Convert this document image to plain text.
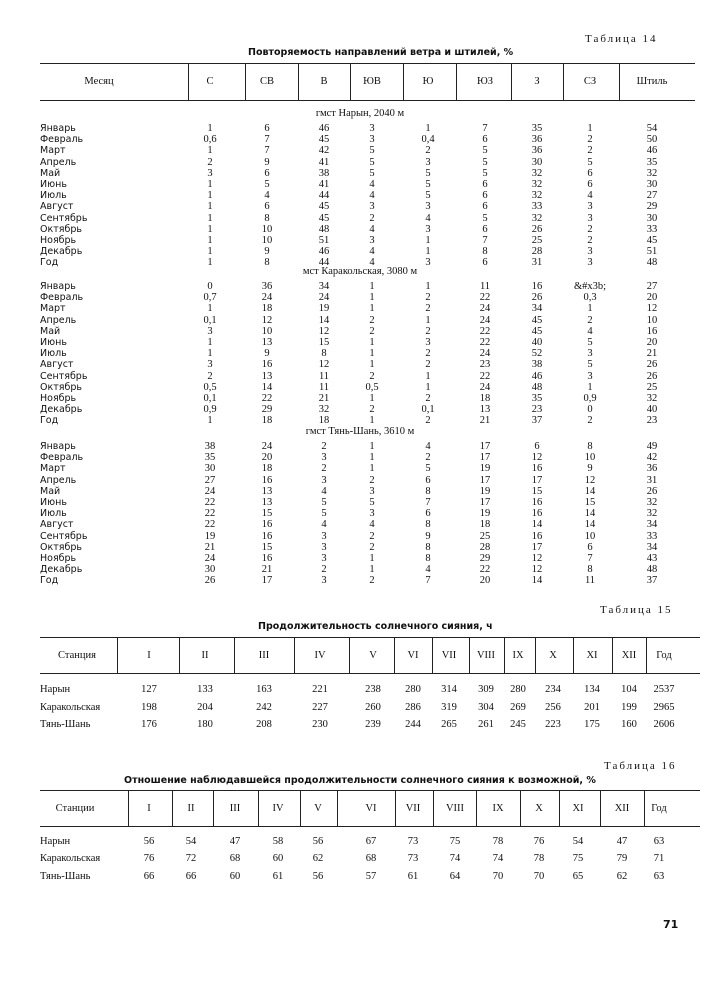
Таблица 14
Повторяемость направлений ветра и штилей, %
Месяц	С	СВ	В	ЮВ	Ю	ЮЗ	З	СЗ	Штиль
гмст Нарын, 2040 м
Январь	1	6	46	3	1	7	35	1	54
Февраль	0,6	7	45	3	0,4	6	36	2	50
Март	1	7	42	5	2	5	36	2	46
Апрель	2	9	41	5	3	5	30	5	35
Май	3	6	38	5	5	5	32	6	32
Июнь	1	5	41	4	5	6	32	6	30
Июль	1	4	44	4	5	6	32	4	27
Август	1	6	45	3	3	6	33	3	29
Сентябрь	1	8	45	2	4	5	32	3	30
Октябрь	1	10	48	4	3	6	26	2	33
Ноябрь	1	10	51	3	1	7	25	2	45
Декабрь	1	9	46	4	1	8	28	3	51
Год	1	8	44	4	3	6	31	3	48
мст Каракольская, 3080 м
Январь	0	36	34	1	1	11	16	&#x3b;	27
Февраль	0,7	24	24	1	2	22	26	0,3	20
Март	1	18	19	1	2	24	34	1	12
Апрель	0,1	12	14	2	1	24	45	2	10
Май	3	10	12	2	2	22	45	4	16
Июнь	1	13	15	1	3	22	40	5	20
Июль	1	9	8	1	2	24	52	3	21
Август	3	16	12	1	2	23	38	5	26
Сентябрь	2	13	11	2	1	22	46	3	26
Октябрь	0,5	14	11	0,5	1	24	48	1	25
Ноябрь	0,1	22	21	1	2	18	35	0,9	32
Декабрь	0,9	29	32	2	0,1	13	23	0	40
Год	1	18	18	1	2	21	37	2	23
гмст Тянь-Шань, 3610 м
Январь	38	24	2	1	4	17	6	8	49
Февраль	35	20	3	1	2	17	12	10	42
Март	30	18	2	1	5	19	16	9	36
Апрель	27	16	3	2	6	17	17	12	31
Май	24	13	4	3	8	19	15	14	26
Июнь	22	13	5	5	7	17	16	15	32
Июль	22	15	5	3	6	19	16	14	32
Август	22	16	4	4	8	18	14	14	34
Сентябрь	19	16	3	2	9	25	16	10	33
Октябрь	21	15	3	2	8	28	17	6	34
Ноябрь	24	16	3	1	8	29	12	7	43
Декабрь	30	21	2	1	4	22	12	8	48
Год	26	17	3	2	7	20	14	11	37
Таблица 15
Продолжительность солнечного сияния, ч
Станция	I	II	III	IV	V	VI	VII	VIII	IX	X	XI	XII	Год
Нарын	127	133	163	221	238	280	314	309	280	234	134	104	2537
Каракольская	198	204	242	227	260	286	319	304	269	256	201	199	2965
Тянь-Шань	176	180	208	230	239	244	265	261	245	223	175	160	2606
Таблица 16
Отношение наблюдавшейся продолжительности солнечного сияния к возможной, %
Станции	I	II	III	IV	V	VI	VII	VIII	IX	X	XI	XII	Год
Нарын	56	54	47	58	56	67	73	75	78	76	54	47	63
Каракольская	76	72	68	60	62	68	73	74	74	78	75	79	71
Тянь-Шань	66	66	60	61	56	57	61	64	70	70	65	62	63
71
